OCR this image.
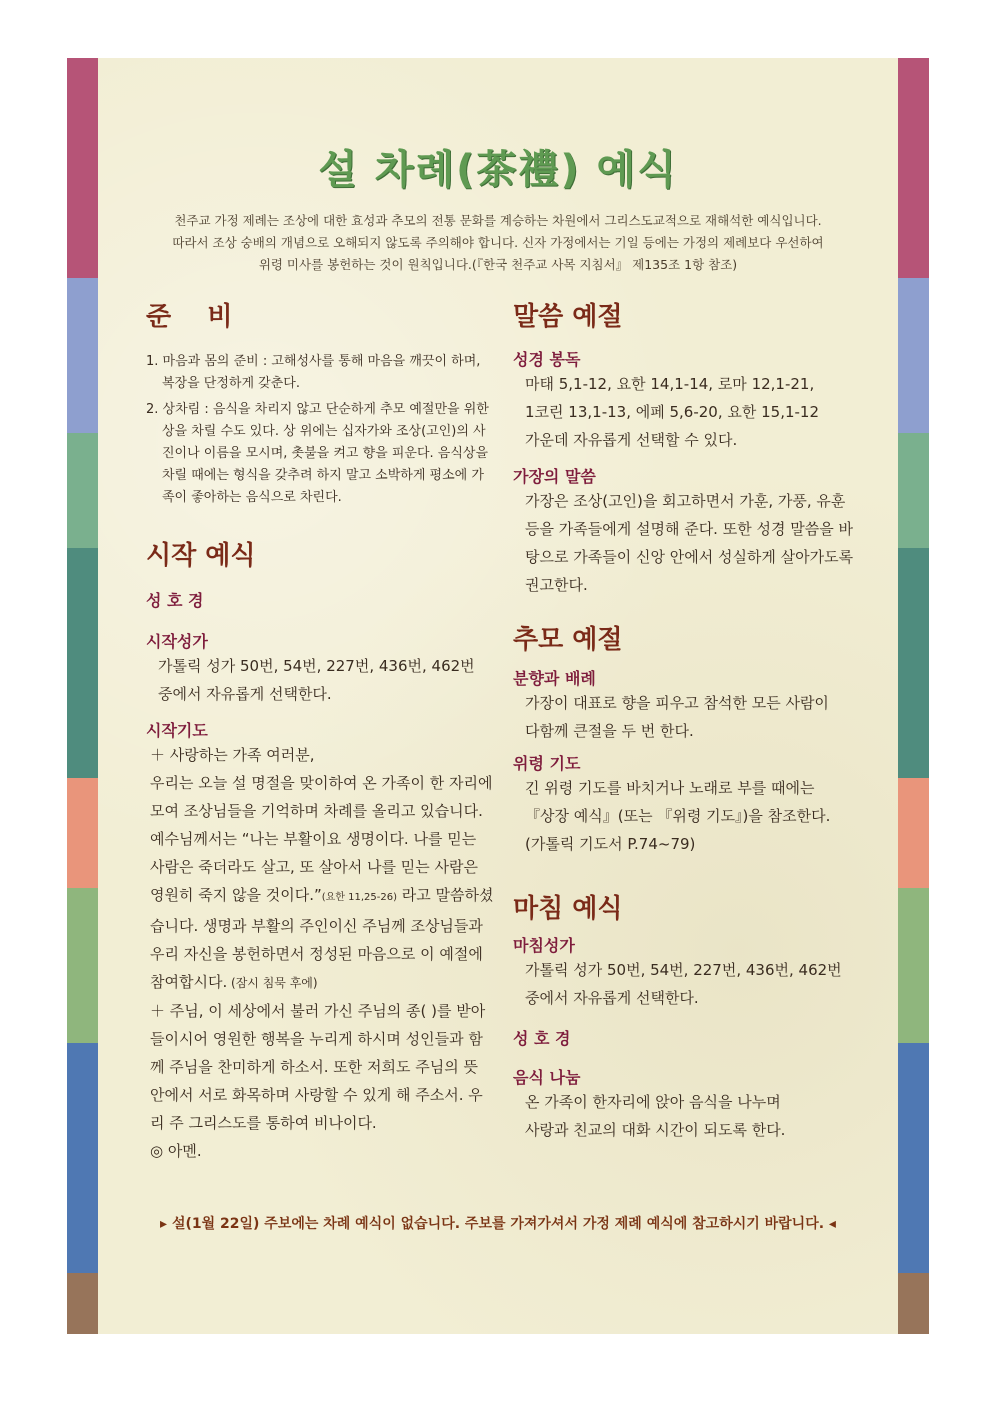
설 차례(茶禮) 예식
천주교 가정 제례는 조상에 대한 효성과 추모의 전통 문화를 계승하는 차원에서 그리스도교적으로 재해석한 예식입니다.
따라서 조상 숭배의 개념으로 오해되지 않도록 주의해야 합니다. 신자 가정에서는 기일 등에는 가정의 제례보다 우선하여
위령 미사를 봉헌하는 것이 원칙입니다.(『한국 천주교 사목 지침서』 제135조 1항 참조)
준    비
1. 마음과 몸의 준비 : 고해성사를 통해 마음을 깨끗이 하며, 복장을 단정하게 갖춘다.
2. 상차림 : 음식을 차리지 않고 단순하게 추모 예절만을 위한 상을 차릴 수도 있다. 상 위에는 십자가와 조상(고인)의 사진이나 이름을 모시며, 촛불을 켜고 향을 피운다. 음식상을 차릴 때에는 형식을 갖추려 하지 말고 소박하게 평소에 가족이 좋아하는 음식으로 차린다.
시작 예식
성 호 경
시작성가
가톨릭 성가 50번, 54번, 227번, 436번, 462번
중에서 자유롭게 선택한다.
시작기도
＋ 사랑하는 가족 여러분,
우리는 오늘 설 명절을 맞이하여 온 가족이 한 자리에 모여 조상님들을 기억하며 차례를 올리고 있습니다. 예수님께서는 “나는 부활이요 생명이다. 나를 믿는 사람은 죽더라도 살고, 또 살아서 나를 믿는 사람은 영원히 죽지 않을 것이다.”(요한 11,25-26) 라고 말씀하셨습니다. 생명과 부활의 주인이신 주님께 조상님들과 우리 자신을 봉헌하면서 정성된 마음으로 이 예절에 참여합시다. (잠시 침묵 후에)
＋ 주님, 이 세상에서 불러 가신 주님의 종( )를 받아들이시어 영원한 행복을 누리게 하시며 성인들과 함께 주님을 찬미하게 하소서. 또한 저희도 주님의 뜻 안에서 서로 화목하며 사랑할 수 있게 해 주소서. 우리 주 그리스도를 통하여 비나이다.
◎ 아멘.
말씀 예절
성경 봉독
마태 5,1-12, 요한 14,1-14, 로마 12,1-21,
1코린 13,1-13, 에페 5,6-20, 요한 15,1-12
가운데 자유롭게 선택할 수 있다.
가장의 말씀
가장은 조상(고인)을 회고하면서 가훈, 가풍, 유훈 등을 가족들에게 설명해 준다. 또한 성경 말씀을 바탕으로 가족들이 신앙 안에서 성실하게 살아가도록 권고한다.
추모 예절
분향과 배례
가장이 대표로 향을 피우고 참석한 모든 사람이
다함께 큰절을 두 번 한다.
위령 기도
긴 위령 기도를 바치거나 노래로 부를 때에는
『상장 예식』(또는 『위령 기도』)을 참조한다.
(가톨릭 기도서 P.74~79)
마침 예식
마침성가
가톨릭 성가 50번, 54번, 227번, 436번, 462번
중에서 자유롭게 선택한다.
성 호 경
음식 나눔
온 가족이 한자리에 앉아 음식을 나누며
사랑과 친교의 대화 시간이 되도록 한다.
▸ 설(1월 22일) 주보에는 차례 예식이 없습니다. 주보를 가져가셔서 가정 제례 예식에 참고하시기 바랍니다. ◂
